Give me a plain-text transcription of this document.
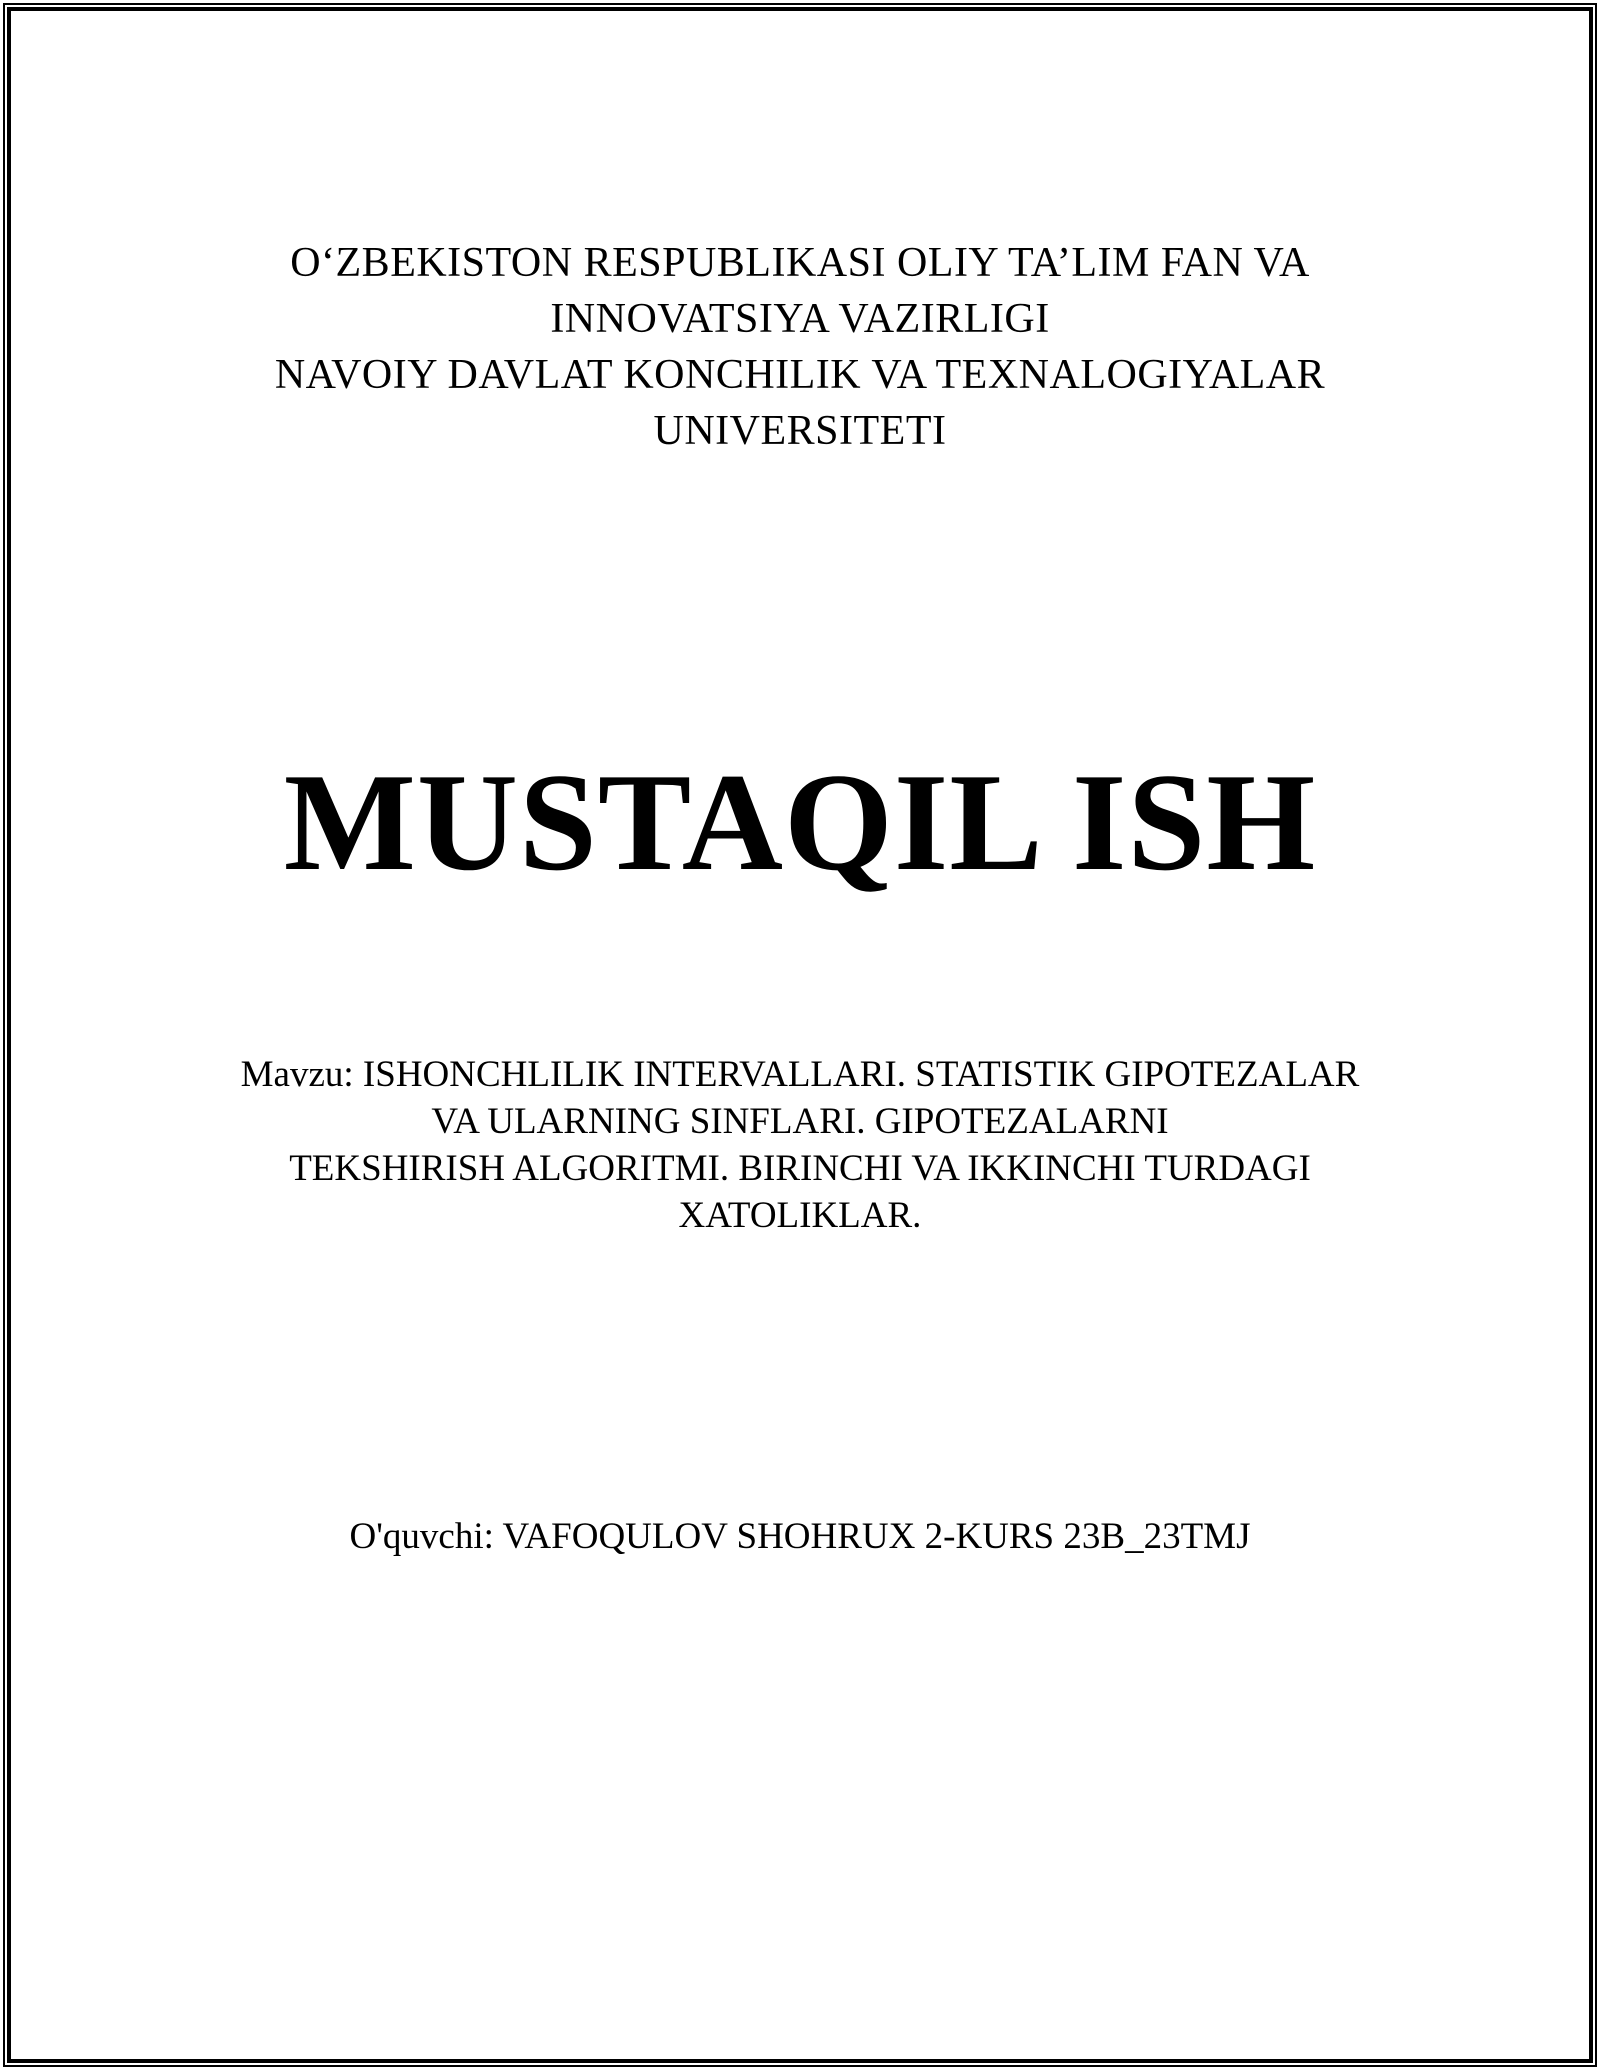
O‘ZBEKISTON RESPUBLIKASI OLIY TA’LIM FAN VA
INNOVATSIYA VAZIRLIGI
NAVOIY DAVLAT KONCHILIK VA TEXNALOGIYALAR
UNIVERSITETI
MUSTAQIL ISH
Mavzu: ISHONCHLILIK INTERVALLARI. STATISTIK GIPOTEZALAR
VA ULARNING SINFLARI. GIPOTEZALARNI
TEKSHIRISH ALGORITMI. BIRINCHI VA IKKINCHI TURDAGI
XATOLIKLAR.
O'quvchi: VAFOQULOV SHOHRUX 2-KURS 23B_23TMJ
